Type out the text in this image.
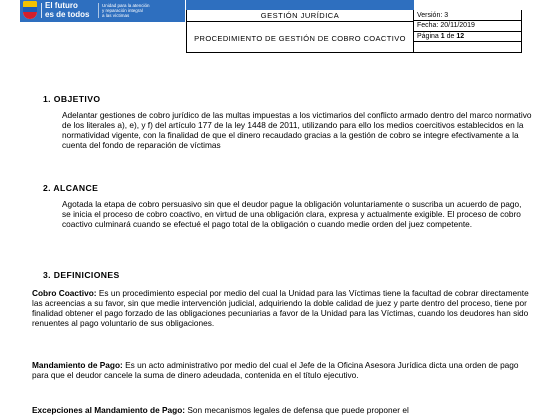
El futuro
es de todos
Unidad para la atención
y reparación integral
a las víctimas	GESTIÓN JURÍDICA
PROCEDIMIENTO DE GESTIÓN DE COBRO COACTIVO
Versión: 3
Fecha: 20/11/2019
Página 1 de 12
1. OBJETIVO
Adelantar gestiones de cobro jurídico de las multas impuestas a los victimarios del conflicto armado dentro del marco normativo de los literales a), e), y f) del artículo 177 de la ley 1448 de 2011, utilizando para ello los medios coercitivos establecidos en la normatividad vigente, con la finalidad de que el dinero recaudado gracias a la gestión de cobro se integre efectivamente a la cuenta del fondo de reparación de víctimas
2. ALCANCE
Agotada la etapa de cobro persuasivo sin que el deudor pague la obligación voluntariamente o suscriba un acuerdo de pago, se inicia el proceso de cobro coactivo, en virtud de una obligación clara, expresa y actualmente exigible. El proceso de cobro coactivo culminará cuando se efectué el pago total de la obligación o cuando medie orden del juez competente.
3. DEFINICIONES
Cobro Coactivo: Es un procedimiento especial por medio del cual la Unidad para las Víctimas tiene la facultad de cobrar directamente las acreencias a su favor, sin que medie intervención judicial, adquiriendo la doble calidad de juez y parte dentro del proceso, tiene por finalidad obtener el pago forzado de las obligaciones pecuniarias a favor de la Unidad para las Víctimas, cuando los deudores han sido renuentes al pago voluntario de sus obligaciones.
Mandamiento de Pago: Es un acto administrativo por medio del cual el Jefe de la Oficina Asesora Jurídica dicta una orden de pago para que el deudor cancele la suma de dinero adeudada, contenida en el título ejecutivo.
Excepciones al Mandamiento de Pago: Son mecanismos legales de defensa que puede proponer el
